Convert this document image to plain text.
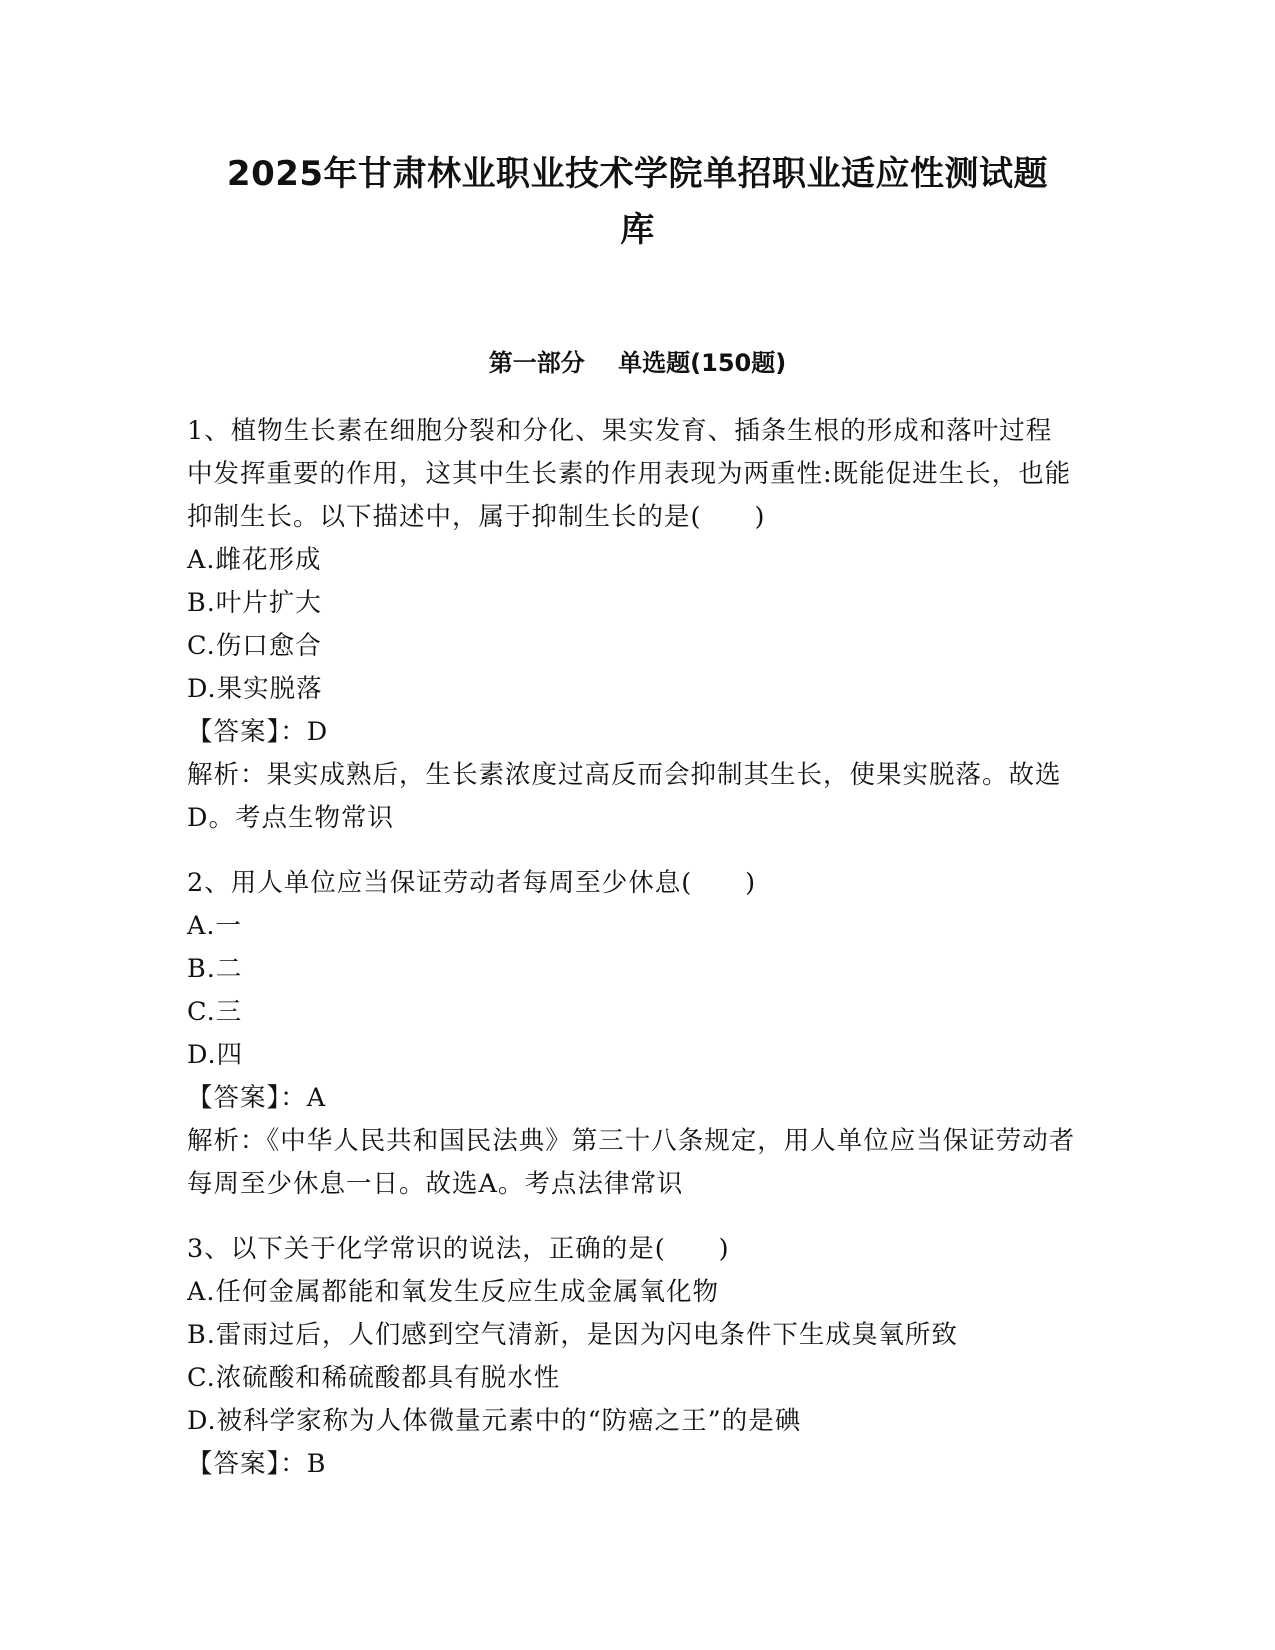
2025年甘肃林业职业技术学院单招职业适应性测试题
库
第一部分    单选题(150题)

1、植物生长素在细胞分裂和分化、果实发育、插条生根的形成和落叶过程中发挥重要的作用，这其中生长素的作用表现为两重性:既能促进生长，也能抑制生长。以下描述中，属于抑制生长的是(　　)

A.雌花形成

B.叶片扩大

C.伤口愈合

D.果实脱落

【答案】：D

解析：果实成熟后，生长素浓度过高反而会抑制其生长，使果实脱落。故选D。考点生物常识

2、用人单位应当保证劳动者每周至少休息(　　)

A.一

B.二

C.三

D.四

【答案】：A

解析：《中华人民共和国民法典》第三十八条规定，用人单位应当保证劳动者每周至少休息一日。故选A。考点法律常识

3、以下关于化学常识的说法，正确的是(　　)

A.任何金属都能和氧发生反应生成金属氧化物

B.雷雨过后，人们感到空气清新，是因为闪电条件下生成臭氧所致

C.浓硫酸和稀硫酸都具有脱水性

D.被科学家称为人体微量元素中的“防癌之王”的是碘

【答案】：B
